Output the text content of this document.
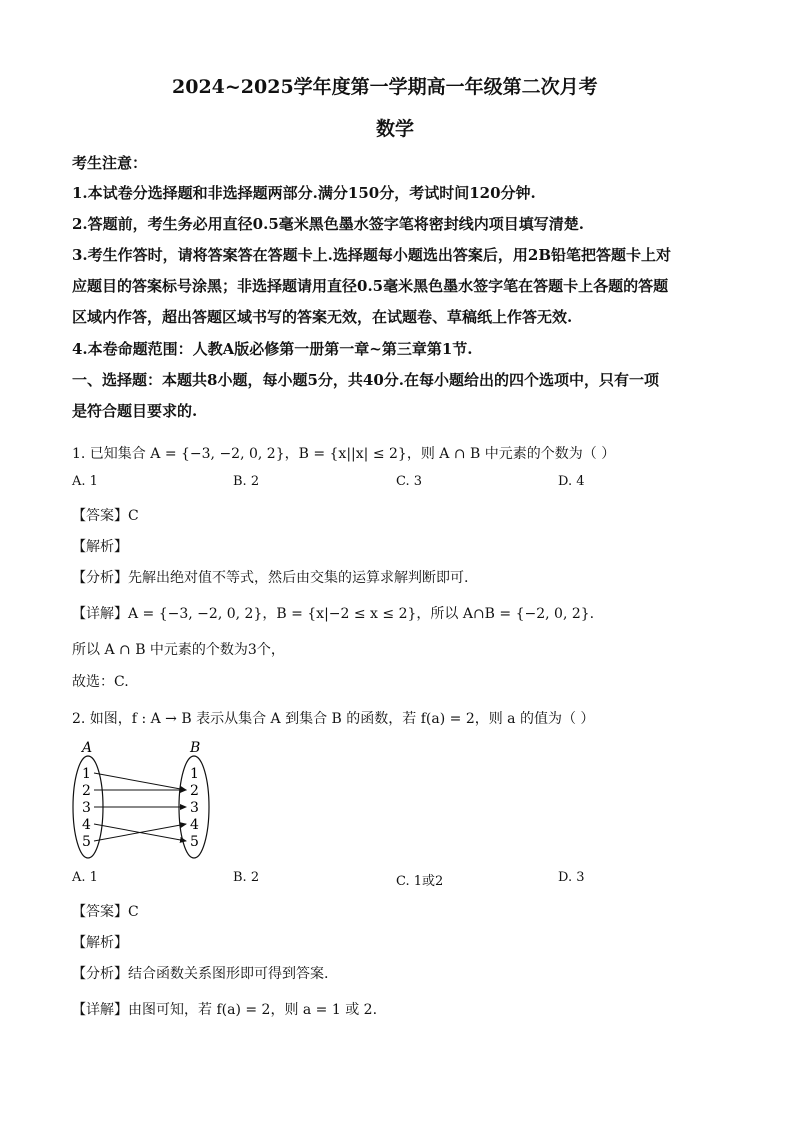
2024~2025学年度第一学期高一年级第二次月考
数学
考生注意：
1.本试卷分选择题和非选择题两部分.满分150分，考试时间120分钟.
2.答题前，考生务必用直径0.5毫米黑色墨水签字笔将密封线内项目填写清楚.
3.考生作答时，请将答案答在答题卡上.选择题每小题选出答案后，用2B铅笔把答题卡上对
应题目的答案标号涂黑；非选择题请用直径0.5毫米黑色墨水签字笔在答题卡上各题的答题
区域内作答，超出答题区域书写的答案无效，在试题卷、草稿纸上作答无效.
4.本卷命题范围：人教A版必修第一册第一章~第三章第1节.
一、选择题：本题共8小题，每小题5分，共40分.在每小题给出的四个选项中，只有一项
是符合题目要求的.
1. 已知集合 A = {−3, −2, 0, 2}，B = {x||x| ≤ 2}，则 A ∩ B 中元素的个数为（ ）
A. 1	B. 2	C. 3	D. 4
【答案】C
【解析】
【分析】先解出绝对值不等式，然后由交集的运算求解判断即可.
【详解】A = {−3, −2, 0, 2}，B = {x|−2 ≤ x ≤ 2}，所以 A∩B = {−2, 0, 2}.
所以 A ∩ B 中元素的个数为3个，
故选：C.
2. 如图，f : A → B 表示从集合 A 到集合 B 的函数，若 f(a) = 2，则 a 的值为（ ）
A	B
1
2
3
4
5
1
2
3
4
5
A. 1	B. 2	C. 1或2	D. 3
【答案】C
【解析】
【分析】结合函数关系图形即可得到答案.
【详解】由图可知，若 f(a) = 2，则 a = 1 或 2.
